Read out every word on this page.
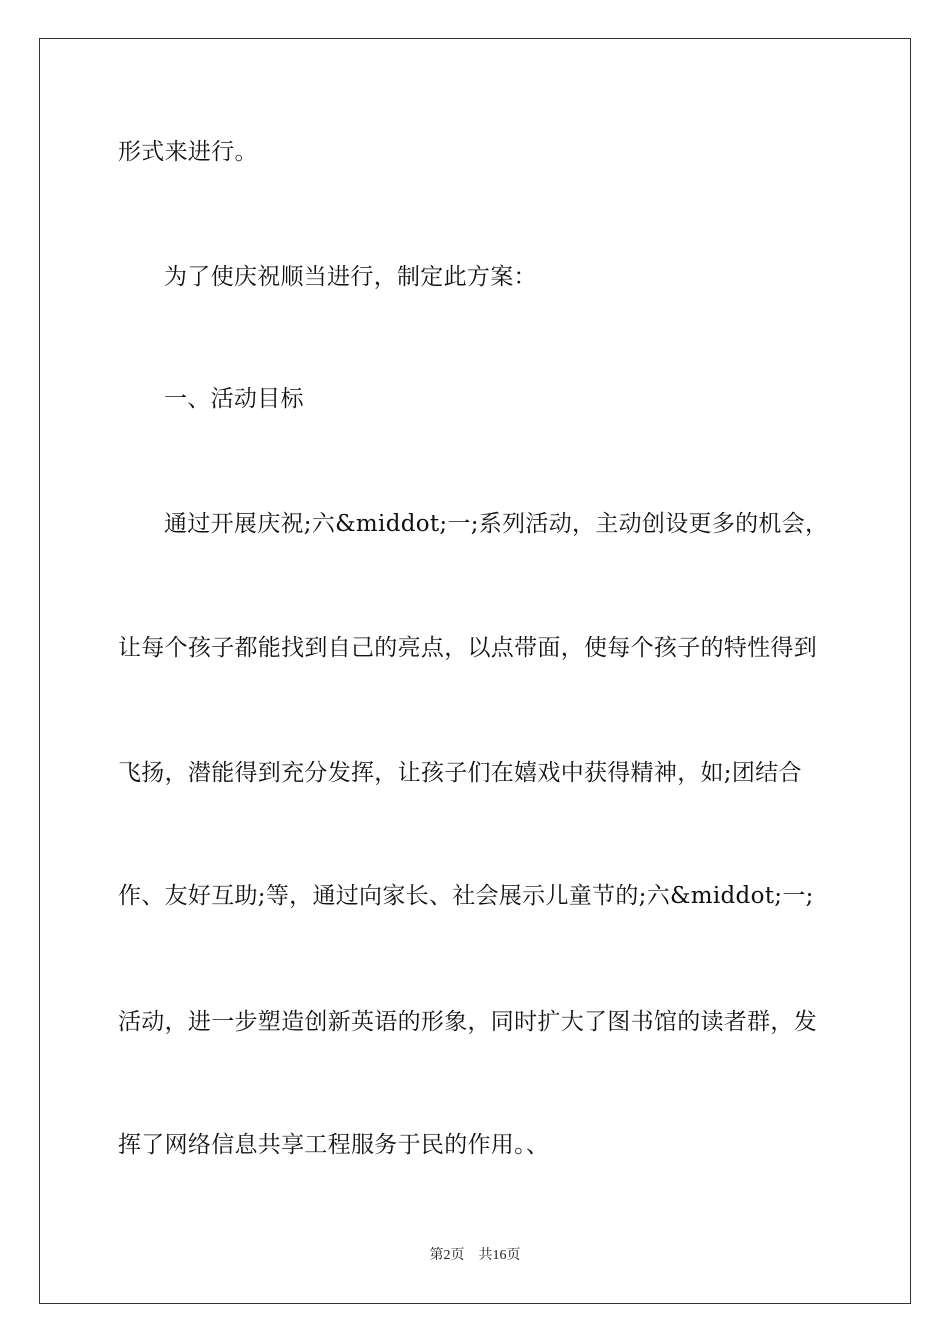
形式来进行。
为了使庆祝顺当进行，制定此方案：
一、活动目标
通过开展庆祝;六&middot;一;系列活动，主动创设更多的机会，
让每个孩子都能找到自己的亮点，以点带面，使每个孩子的特性得到
飞扬，潜能得到充分发挥，让孩子们在嬉戏中获得精神，如;团结合
作、友好互助;等，通过向家长、社会展示儿童节的;六&middot;一;
活动，进一步塑造创新英语的形象，同时扩大了图书馆的读者群，发
挥了网络信息共享工程服务于民的作用。、
第2页 共16页
